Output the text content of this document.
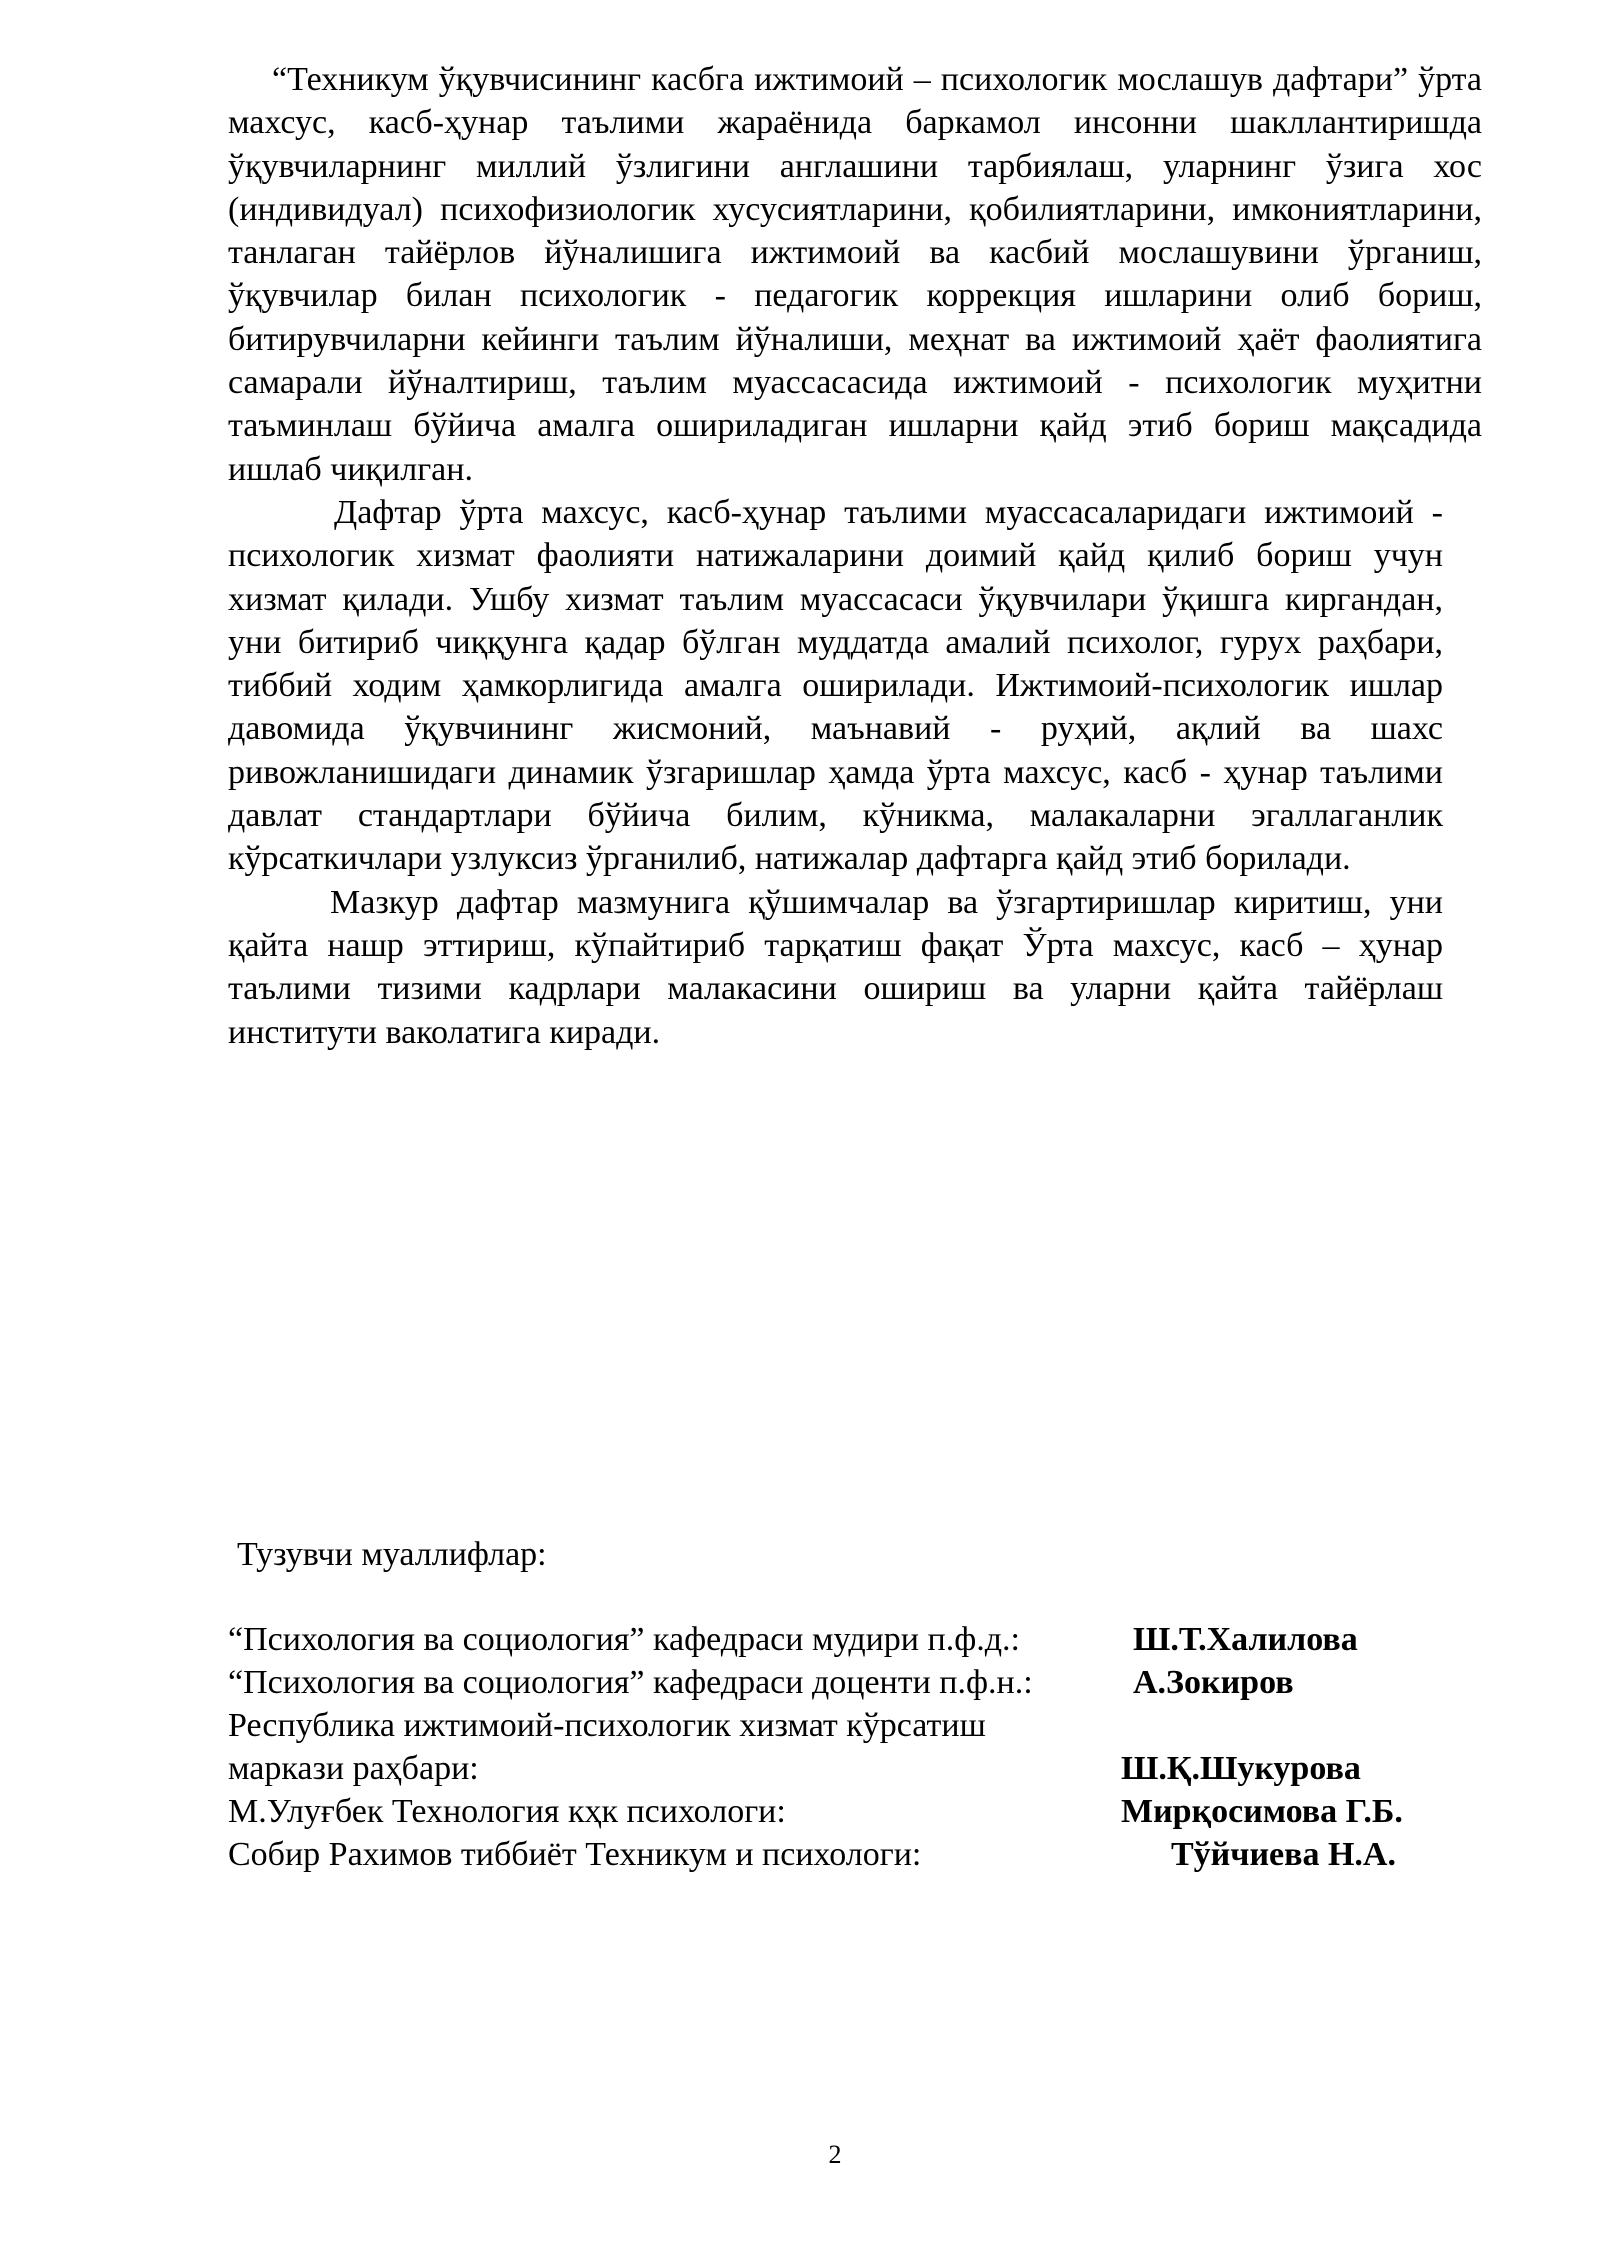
“Техникум ўқувчисининг касбга ижтимоий – психологик мослашув дафтари” ўрта махсус, касб-ҳунар таълими жараёнида баркамол инсонни шакллантиришда ўқувчиларнинг миллий ўзлигини англашини тарбиялаш, уларнинг ўзига хос (индивидуал) психофизиологик хусусиятларини, қобилиятларини, имкониятларини, танлаган тайёрлов йўналишига ижтимоий ва касбий мослашувини ўрганиш, ўқувчилар билан психологик - педагогик коррекция ишларини олиб бориш, битирувчиларни кейинги таълим йўналиши, меҳнат ва ижтимоий ҳаёт фаолиятига самарали йўналтириш, таълим муассасасида ижтимоий - психологик муҳитни таъминлаш бўйича амалга ошириладиган ишларни қайд этиб бориш мақсадида ишлаб чиқилган.

Дафтар ўрта махсус, касб-ҳунар таълими муассасаларидаги ижтимоий - психологик хизмат фаолияти натижаларини доимий қайд қилиб бориш учун хизмат қилади. Ушбу хизмат таълим муассасаси ўқувчилари ўқишга киргандан, уни битириб чиққунга қадар бўлган муддатда амалий психолог, гурух раҳбари, тиббий ходим ҳамкорлигида амалга оширилади. Ижтимоий-психологик ишлар давомида ўқувчининг жисмоний, маънавий - руҳий, ақлий ва шахс ривожланишидаги динамик ўзгаришлар ҳамда ўрта махсус, касб - ҳунар таълими давлат стандартлари бўйича билим, кўникма, малакаларни эгаллаганлик кўрсаткичлари узлуксиз ўрганилиб, натижалар дафтарга қайд этиб борилади.

Мазкур дафтар мазмунига қўшимчалар ва ўзгартиришлар киритиш, уни қайта нашр эттириш, кўпайтириб тарқатиш фақат Ўрта махсус, касб – ҳунар таълими тизими кадрлари малакасини ошириш ва уларни қайта тайёрлаш институти ваколатига киради.

Тузувчи муаллифлар:
“Психология ва социология” кафедраси мудири п.ф.д.:	Ш.Т.Халилова
“Психология ва социология” кафедраси доценти п.ф.н.:	А.Зокиров
Республика ижтимоий-психологик хизмат кўрсатиш
маркази раҳбари:	Ш.Қ.Шукурова
М.Улуғбек Технология кҳк психологи:	Мирқосимова Г.Б.
Собир Рахимов тиббиёт Техникум и психологи:	Тўйчиева Н.А.
2
